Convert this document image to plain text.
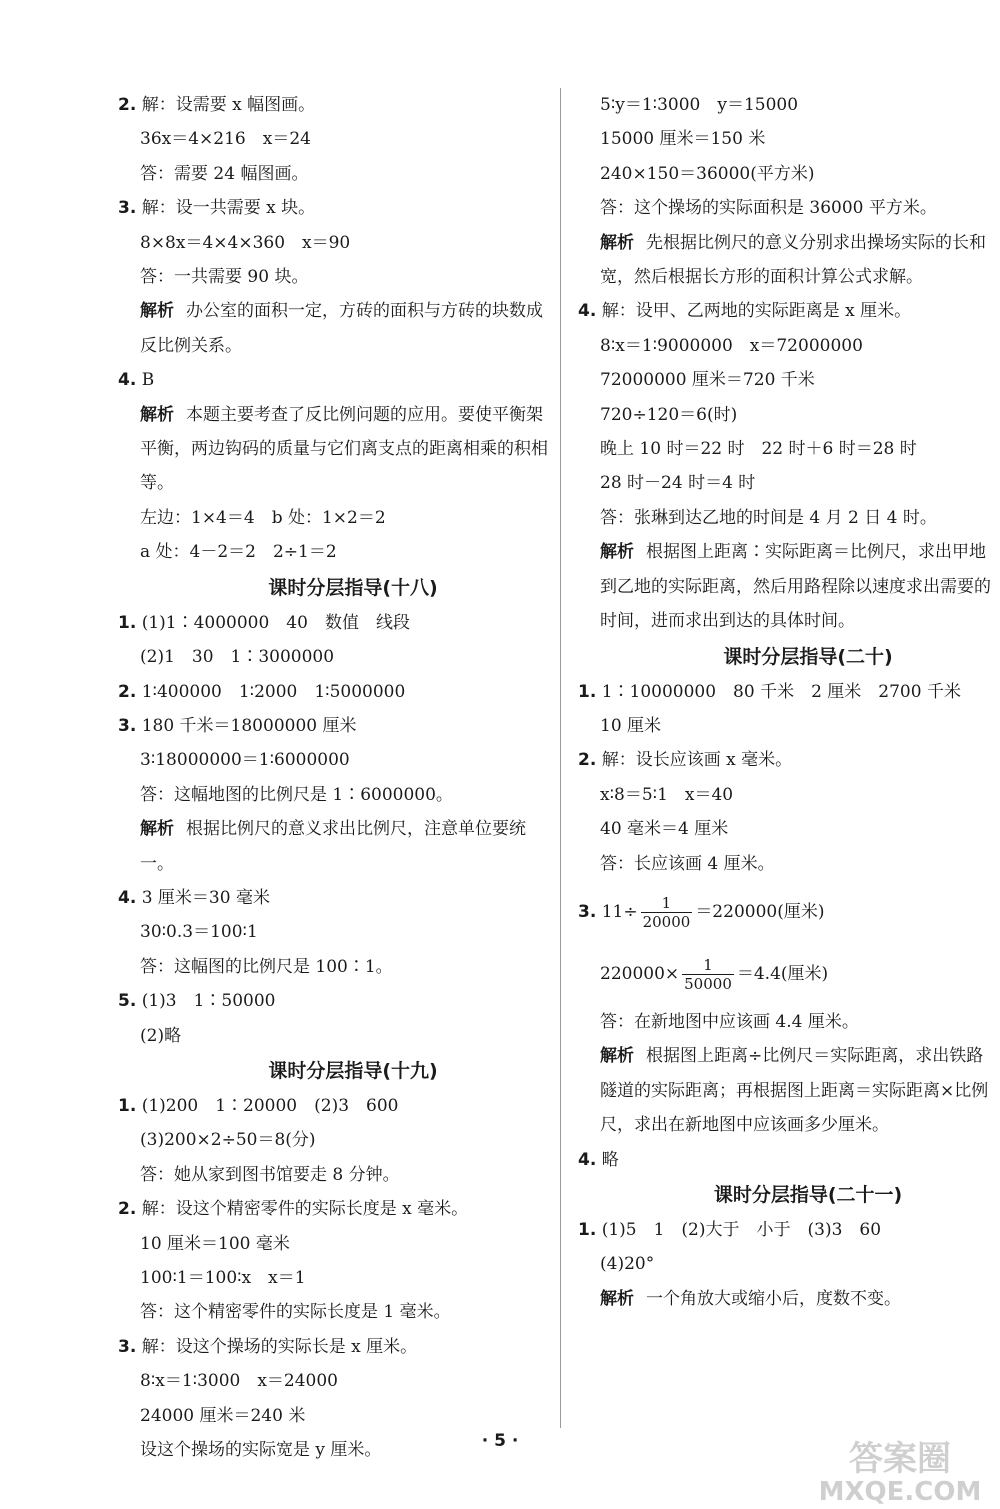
2. 解：设需要 x 幅图画。
36x＝4×216　x＝24
答：需要 24 幅图画。
3. 解：设一共需要 x 块。
8×8x＝4×4×360　x＝90
答：一共需要 90 块。
解析 办公室的面积一定，方砖的面积与方砖的块数成反比例关系。
4. B
解析 本题主要考查了反比例问题的应用。要使平衡架平衡，两边钩码的质量与它们离支点的距离相乘的积相等。
左边：1×4＝4　b 处：1×2＝2
a 处：4－2＝2　2÷1＝2
课时分层指导(十八)
1. (1)1∶4000000　40　数值　线段
(2)1　30　1∶3000000
2. 1∶400000　1∶2000　1∶5000000
3. 180 千米＝18000000 厘米
3∶18000000＝1∶6000000
答：这幅地图的比例尺是 1∶6000000。
解析 根据比例尺的意义求出比例尺，注意单位要统一。
4. 3 厘米＝30 毫米
30∶0.3＝100∶1
答：这幅图的比例尺是 100∶1。
5. (1)3　1∶50000
(2)略
课时分层指导(十九)
1. (1)200　1∶20000　(2)3　600
(3)200×2÷50＝8(分)
答：她从家到图书馆要走 8 分钟。
2. 解：设这个精密零件的实际长度是 x 毫米。
10 厘米＝100 毫米
100∶1＝100∶x　x＝1
答：这个精密零件的实际长度是 1 毫米。
3. 解：设这个操场的实际长是 x 厘米。
8∶x＝1∶3000　x＝24000
24000 厘米＝240 米
设这个操场的实际宽是 y 厘米。
5∶y＝1∶3000　y＝15000
15000 厘米＝150 米
240×150＝36000(平方米)
答：这个操场的实际面积是 36000 平方米。
解析 先根据比例尺的意义分别求出操场实际的长和宽，然后根据长方形的面积计算公式求解。
4. 解：设甲、乙两地的实际距离是 x 厘米。
8∶x＝1∶9000000　x＝72000000
72000000 厘米＝720 千米
720÷120＝6(时)
晚上 10 时＝22 时　22 时＋6 时＝28 时
28 时－24 时＝4 时
答：张琳到达乙地的时间是 4 月 2 日 4 时。
解析 根据图上距离∶实际距离＝比例尺，求出甲地到乙地的实际距离，然后用路程除以速度求出需要的时间，进而求出到达的具体时间。
课时分层指导(二十)
1. 1∶10000000　80 千米　2 厘米　2700 千米
10 厘米
2. 解：设长应该画 x 毫米。
x∶8＝5∶1　x＝40
40 毫米＝4 厘米
答：长应该画 4 厘米。
3. $11\div \frac{1}{20000} =220000$(厘米)
$220000\times \frac{1}{50000} =4.4$(厘米)
答：在新地图中应该画 4.4 厘米。
解析 根据图上距离÷比例尺＝实际距离，求出铁路隧道的实际距离；再根据图上距离＝实际距离×比例尺，求出在新地图中应该画多少厘米。
4. 略
课时分层指导(二十一)
1. (1)5　1　(2)大于　小于　(3)3　60
(4)20°
解析 一个角放大或缩小后，度数不变。
· 5 ·	答案圈
MXQE.COM
